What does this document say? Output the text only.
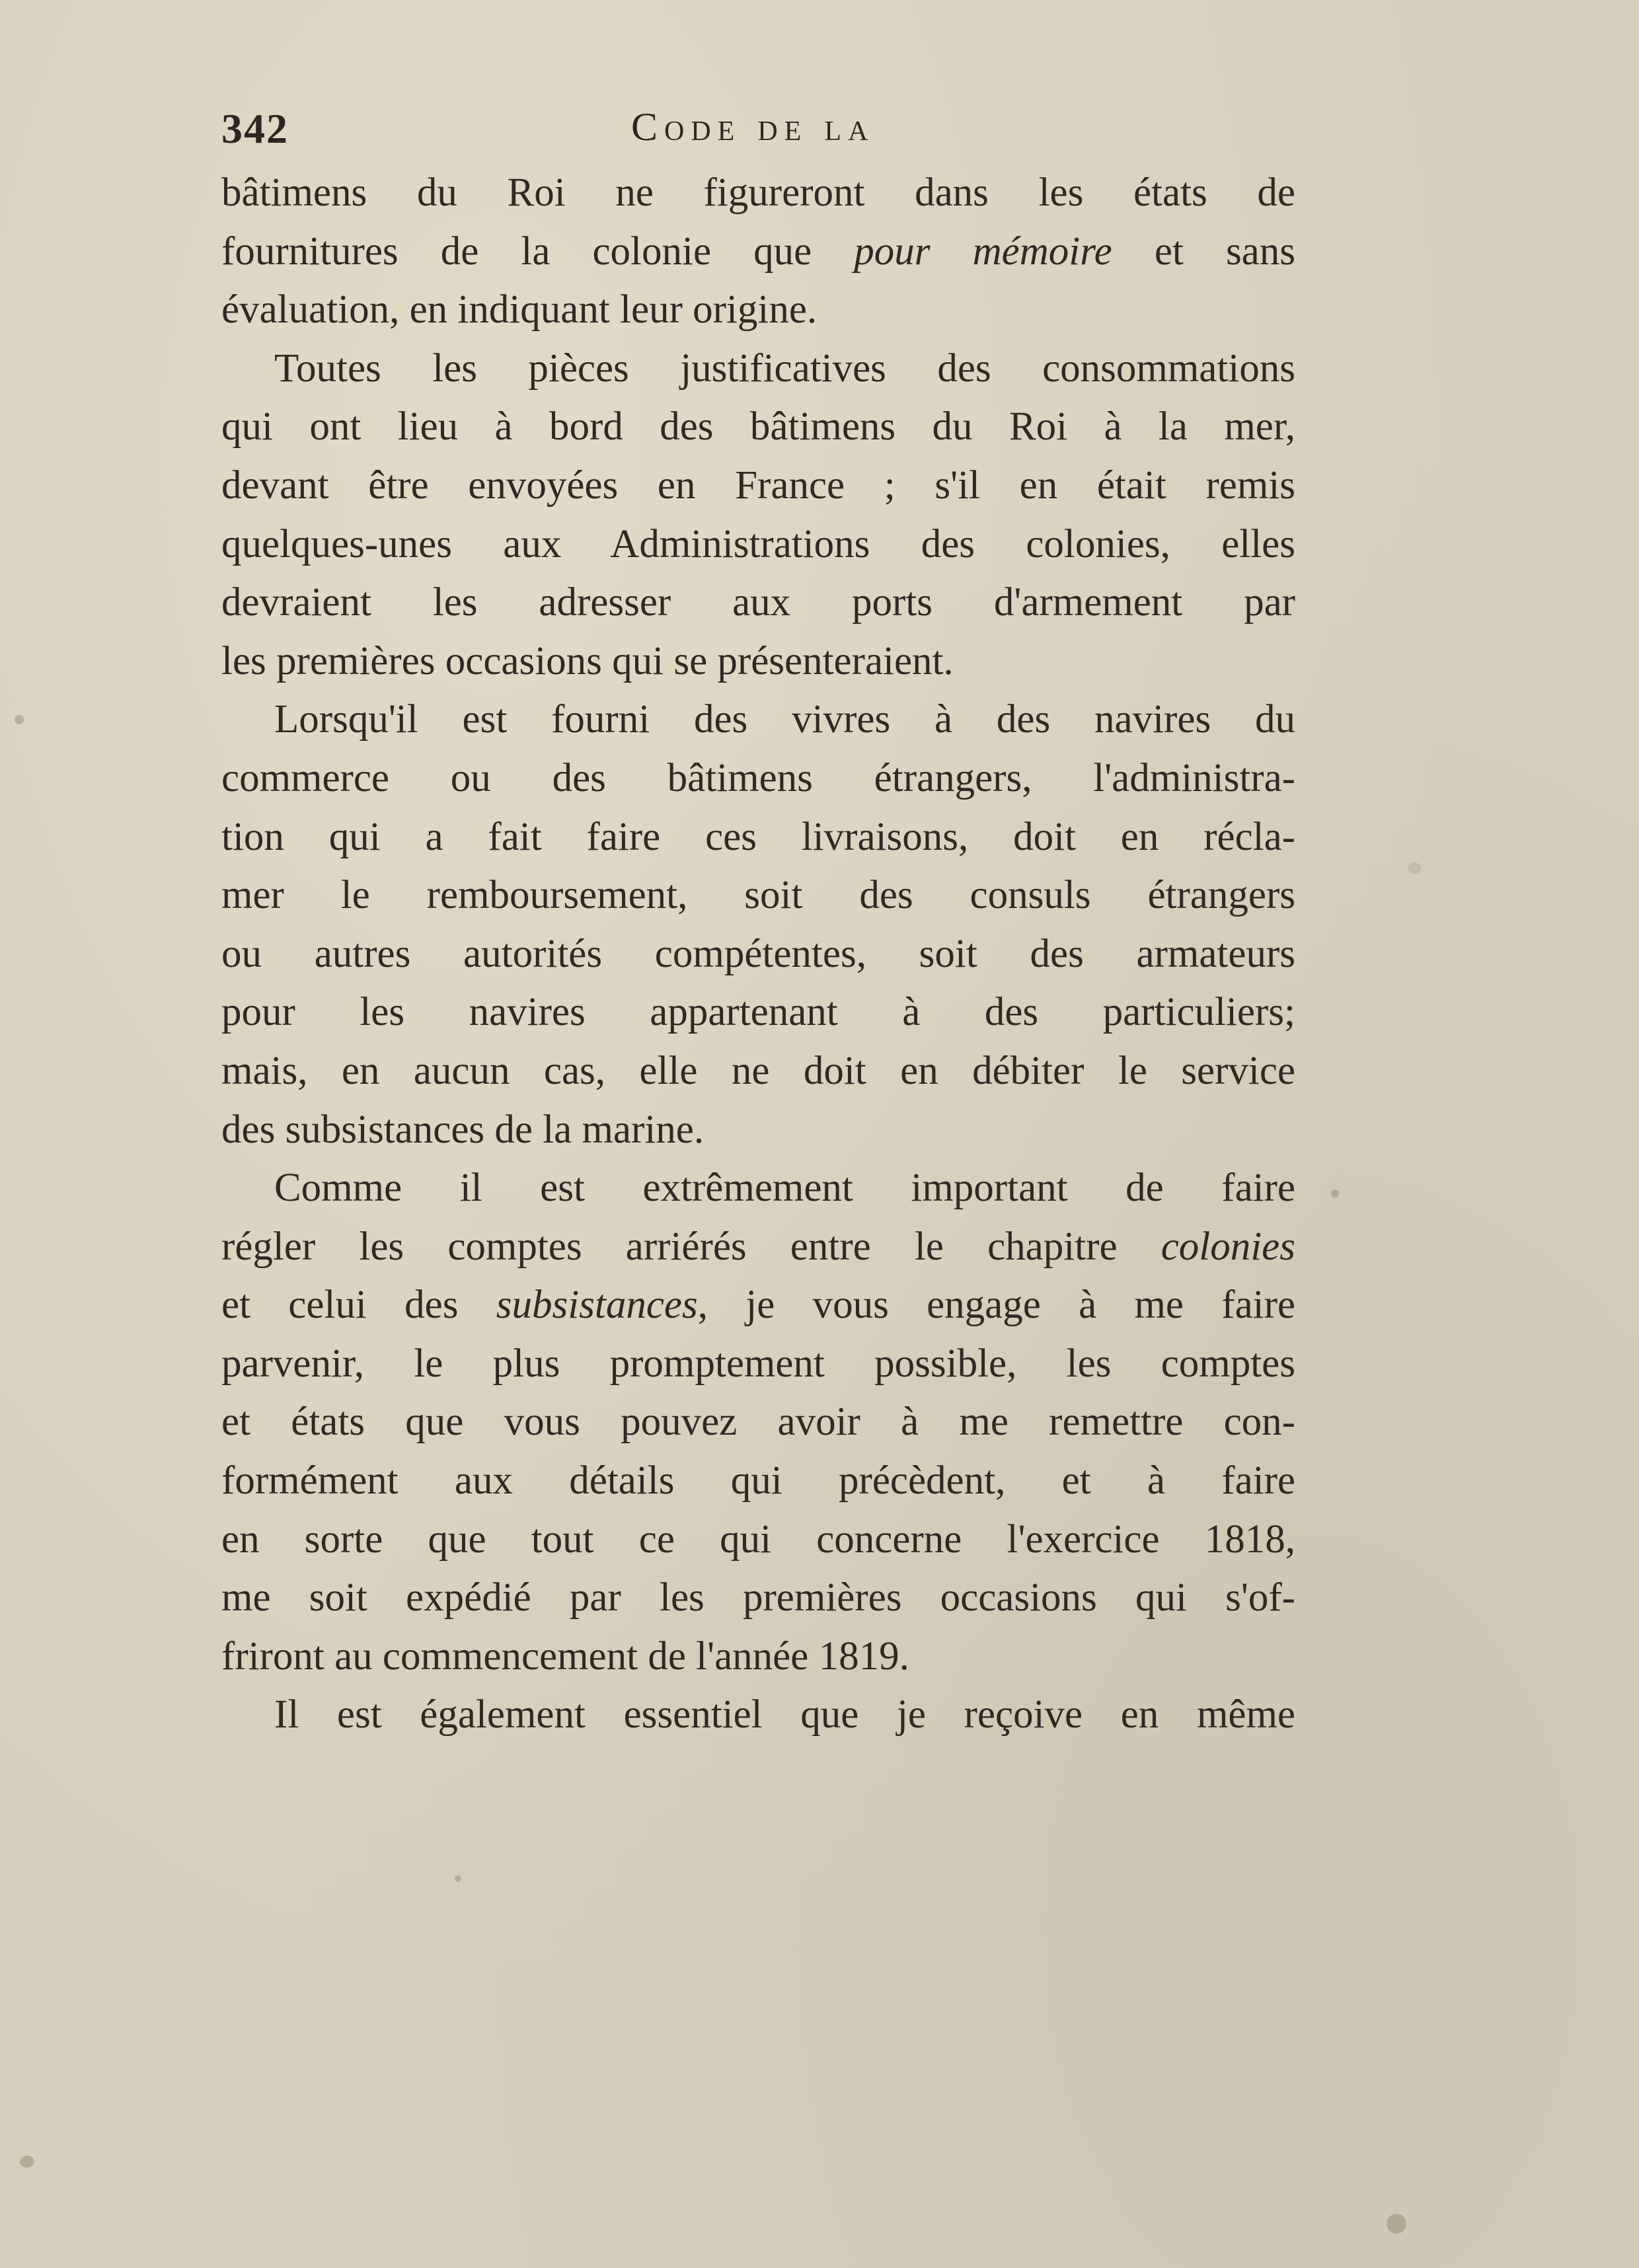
342	Code de la
bâtimens du Roi ne figureront dans les états de
fournitures de la colonie que pour mémoire et sans
évaluation, en indiquant leur origine.
Toutes les pièces justificatives des consommations
qui ont lieu à bord des bâtimens du Roi à la mer,
devant être envoyées en France ; s'il en était remis
quelques-unes aux Administrations des colonies, elles
devraient les adresser aux ports d'armement par
les premières occasions qui se présenteraient.
Lorsqu'il est fourni des vivres à des navires du
commerce ou des bâtimens étrangers, l'administra-
tion qui a fait faire ces livraisons, doit en récla-
mer le remboursement, soit des consuls étrangers
ou autres autorités compétentes, soit des armateurs
pour les navires appartenant à des particuliers;
mais, en aucun cas, elle ne doit en débiter le service
des subsistances de la marine.
Comme il est extrêmement important de faire
régler les comptes arriérés entre le chapitre colonies
et celui des subsistances, je vous engage à me faire
parvenir, le plus promptement possible, les comptes
et états que vous pouvez avoir à me remettre con-
formément aux détails qui précèdent, et à faire
en sorte que tout ce qui concerne l'exercice 1818,
me soit expédié par les premières occasions qui s'of-
friront au commencement de l'année 1819.
Il est également essentiel que je reçoive en même
